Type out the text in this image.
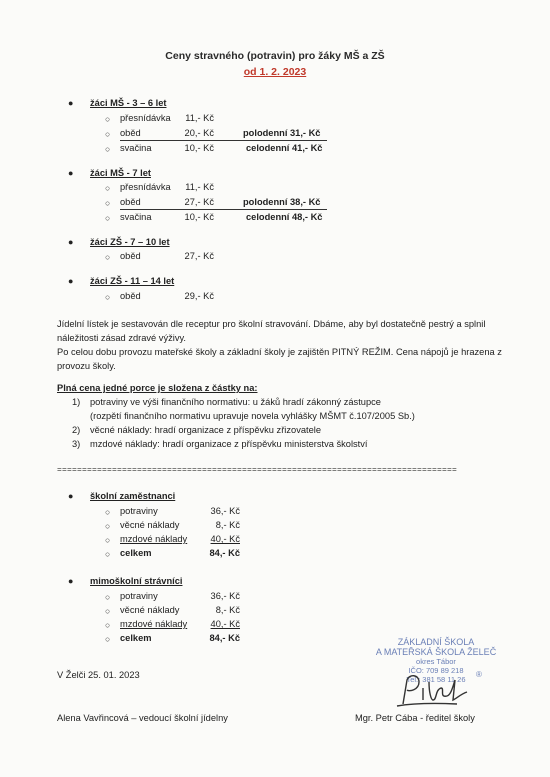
Ceny stravného (potravin) pro žáky MŠ a ZŠ
od 1. 2. 2023
● žáci MŠ - 3 – 6 let
○ přesnídávka	11,- Kč
○ oběd	20,- Kč	polodenní 31,- Kč
○ svačina	10,- Kč	celodenní 41,- Kč
● žáci MŠ - 7 let
○ přesnídávka	11,- Kč
○ oběd	27,- Kč	polodenní 38,- Kč
○ svačina	10,- Kč	celodenní 48,- Kč
● žáci ZŠ - 7 – 10 let
○ oběd	27,- Kč
● žáci ZŠ - 11 – 14 let
○ oběd	29,- Kč
Jídelní lístek je sestavován dle receptur pro školní stravování. Dbáme, aby byl dostatečně pestrý a splnil náležitosti zásad zdravé výživy.
Po celou dobu provozu mateřské školy a základní školy je zajištěn PITNÝ REŽIM. Cena nápojů je hrazena z provozu školy.
Plná cena jedné porce je složena z částky na:
1) potraviny ve výši finančního normativu: u žáků hradí zákonný zástupce
(rozpětí finančního normativu upravuje novela vyhlášky MŠMT č.107/2005 Sb.)
2) věcné náklady: hradí organizace z příspěvku zřizovatele
3) mzdové náklady: hradí organizace z příspěvku ministerstva školství
================================================================================
● školní zaměstnanci
○ potraviny	36,- Kč
○ věcné náklady	8,- Kč
○ mzdové náklady	40,- Kč
○ celkem	84,- Kč
● mimoškolní strávníci
○ potraviny	36,- Kč
○ věcné náklady	8,- Kč
○ mzdové náklady	40,- Kč
○ celkem	84,- Kč	ZÁKLADNÍ ŠKOLA
A MATEŘSKÁ ŠKOLA ŽELEČ
okres Tábor
IČO: 709 89 218
Tel.: 381 58 11 26
®
V Želči 25. 01. 2023
Alena Vavřincová – vedoucí školní jídelny	Mgr. Petr Cába - ředitel školy
